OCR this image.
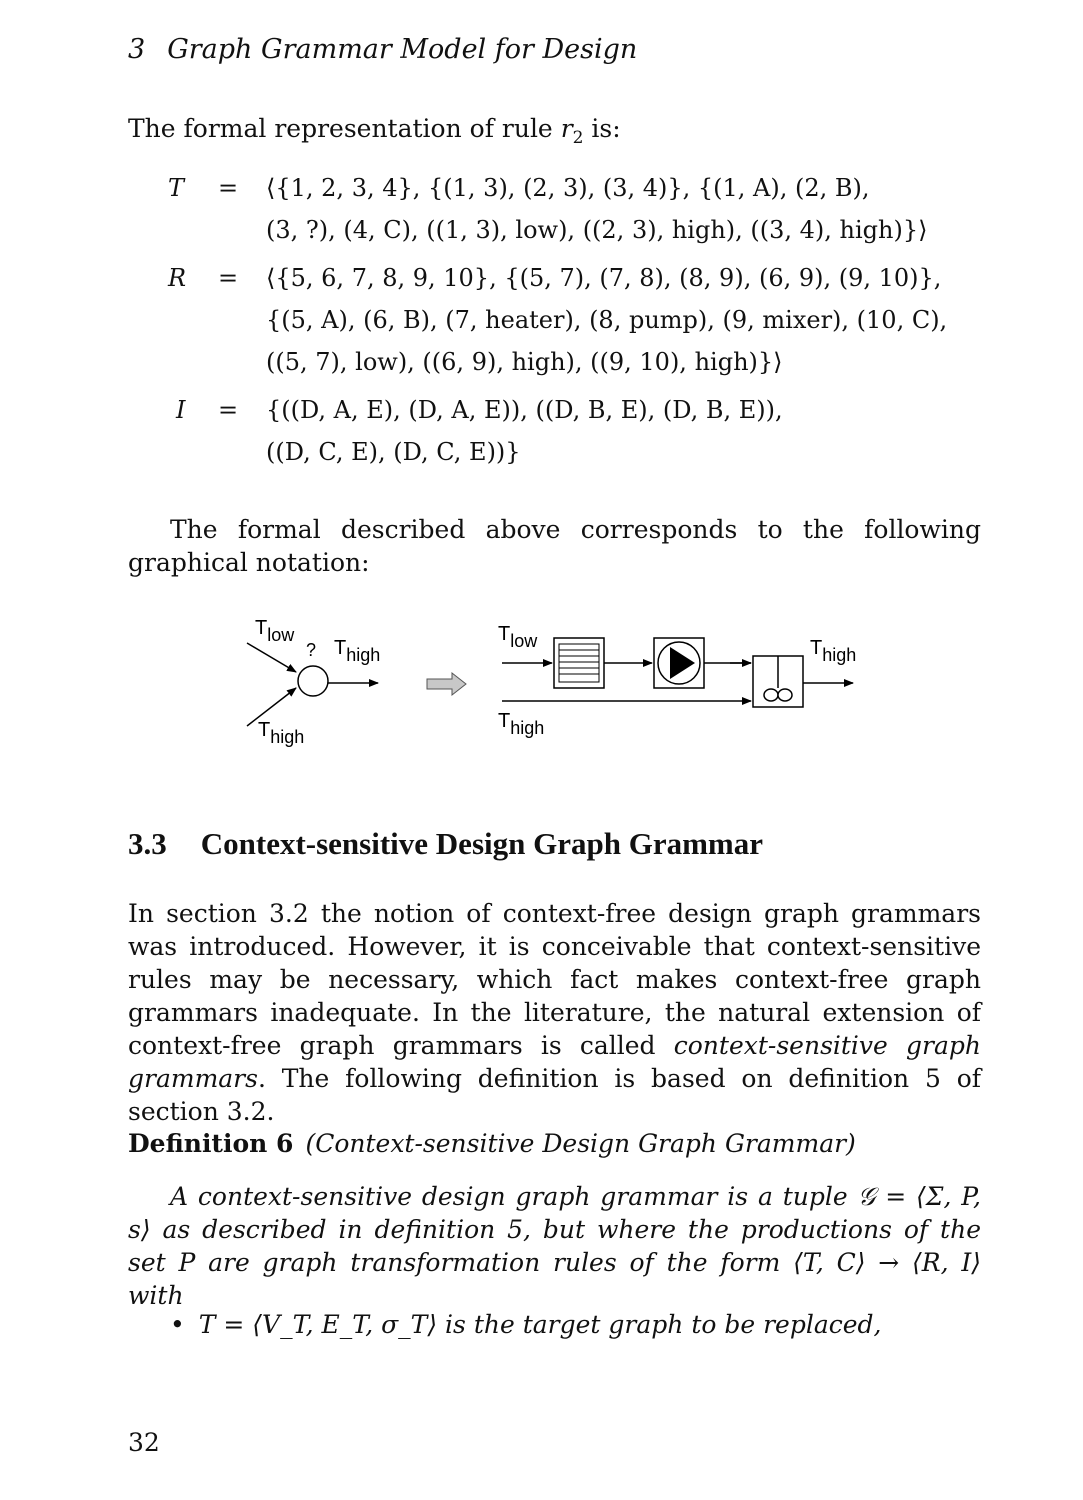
3 Graph Grammar Model for Design
The formal representation of rule $r_2$ is:
T = ⟨{1, 2, 3, 4}, {(1, 3), (2, 3), (3, 4)}, {(1, A), (2, B),
(3, ?), (4, C), ((1, 3), low), ((2, 3), high), ((3, 4), high)}⟩
R = ⟨{5, 6, 7, 8, 9, 10}, {(5, 7), (7, 8), (8, 9), (6, 9), (9, 10)},
{(5, A), (6, B), (7, heater), (8, pump), (9, mixer), (10, C),
((5, 7), low), ((6, 9), high), ((9, 10), high)}⟩
I = {((D, A, E), (D, A, E)), ((D, B, E), (D, B, E)),
((D, C, E), (D, C, E))}
The formal described above corresponds to the following graphical notation:
Tlow
? Thigh
Thigh
Tlow
Thigh
Thigh
3.3 Context-sensitive Design Graph Grammar
In section 3.2 the notion of context-free design graph grammars was introduced. However, it is conceivable that context-sensitive rules may be necessary, which fact makes context-free graph grammars inadequate. In the literature, the natural extension of context-free graph grammars is called context-sensitive graph grammars. The following definition is based on definition 5 of section 3.2.
Definition 6 (Context-sensitive Design Graph Grammar)
A context-sensitive design graph grammar is a tuple 𝒢 = ⟨Σ, P, s⟩ as described in definition 5, but where the productions of the set P are graph transformation rules of the form ⟨T, C⟩ → ⟨R, I⟩ with
• T = ⟨V_T, E_T, σ_T⟩ is the target graph to be replaced,
32
